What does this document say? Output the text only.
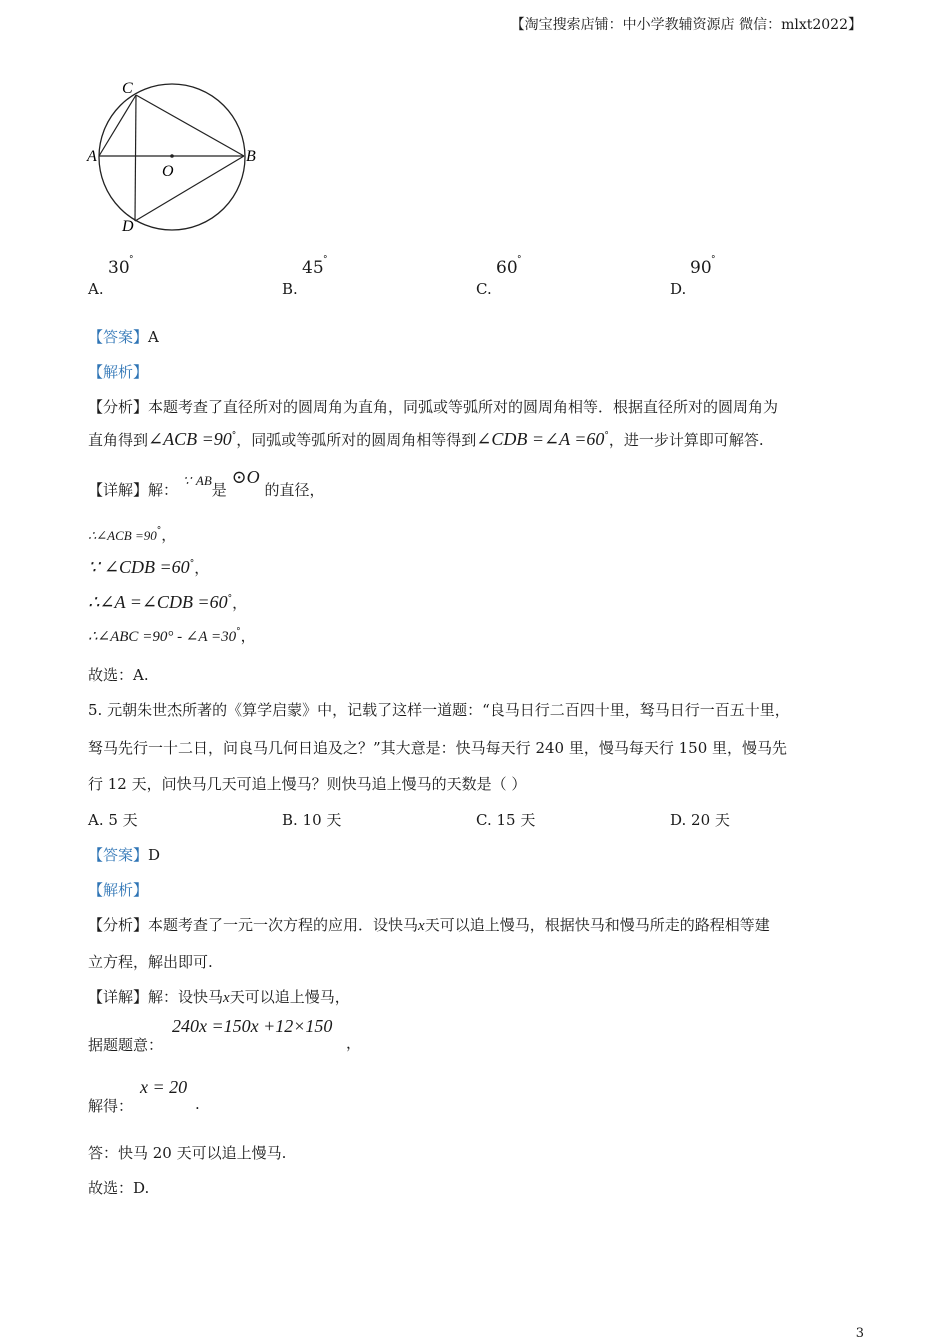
【淘宝搜索店铺：中小学教辅资源店 微信：mlxt2022】
C
A	B
O
D
A.
30 °
B.
45 °
C.
60 °
D.
90 °
【答案】A
【解析】
【分析】本题考查了直径所对的圆周角为直角，同弧或等弧所对的圆周角相等．根据直径所对的圆周角为
直角得到∠ACB =90°，同弧或等弧所对的圆周角相等得到∠CDB =∠A =60°，进一步计算即可解答.
【详解】解： ∵ AB是 ⊙O 的直径，
∴∠ACB =90°，
∵ ∠CDB =60°，
∴∠A =∠CDB =60°，
∴∠ABC =90° - ∠A =30°，
故选：A.
5. 元朝朱世杰所著的《算学启蒙》中，记载了这样一道题：“良马日行二百四十里，驽马日行一百五十里，
驽马先行一十二日，问良马几何日追及之？”其大意是：快马每天行 240 里，慢马每天行 150 里，慢马先
行 12 天，问快马几天可追上慢马？则快马追上慢马的天数是（ ）
A. 5 天	B. 10 天	C. 15 天	D. 20 天
【答案】D
【解析】
【分析】本题考查了一元一次方程的应用．设快马x天可以追上慢马，根据快马和慢马所走的路程相等建
立方程，解出即可.
【详解】解：设快马x天可以追上慢马，
据题题意：
240x =150x +12×150
，
解得：
x = 20
.
答：快马 20 天可以追上慢马.
故选：D.
3
